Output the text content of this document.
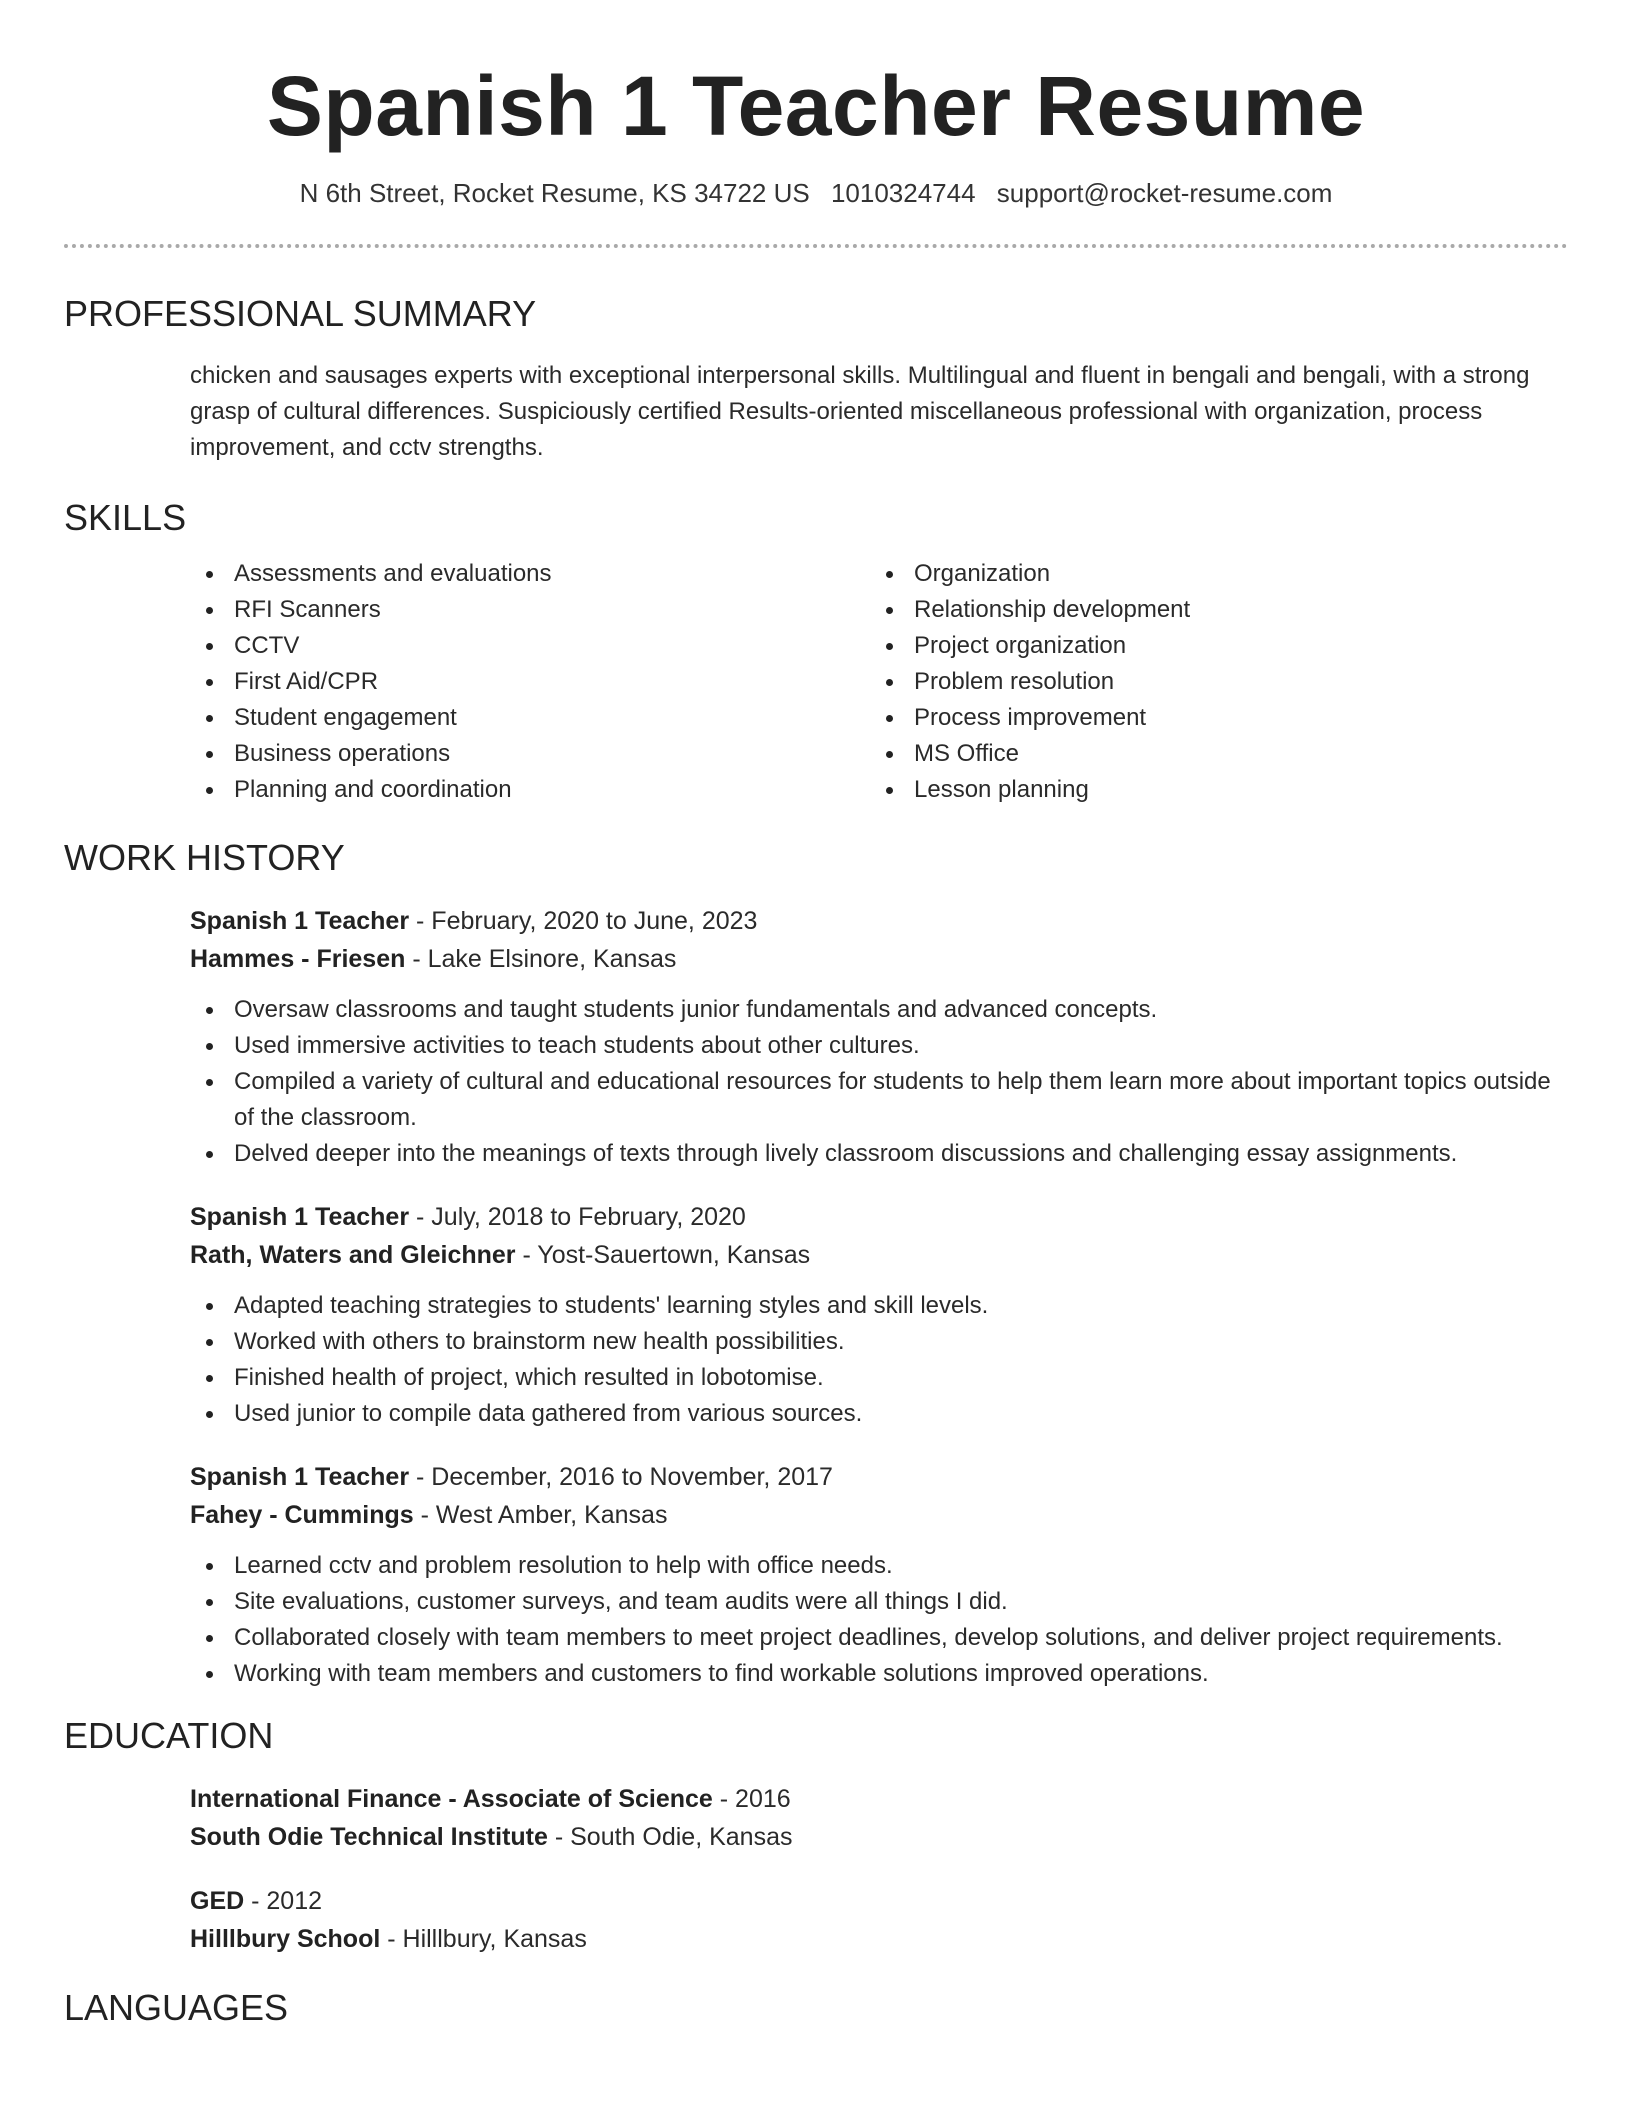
Spanish 1 Teacher Resume
N 6th Street, Rocket Resume, KS 34722 US 1010324744 support@rocket-resume.com
PROFESSIONAL SUMMARY

chicken and sausages experts with exceptional interpersonal skills. Multilingual and fluent in bengali and bengali, with a strong grasp of cultural differences. Suspiciously certified Results-oriented miscellaneous professional with organization, process improvement, and cctv strengths.

SKILLS
Assessments and evaluations
RFI Scanners
CCTV
First Aid/CPR
Student engagement
Business operations
Planning and coordination
Organization
Relationship development
Project organization
Problem resolution
Process improvement
MS Office
Lesson planning
WORK HISTORY
Spanish 1 Teacher - February, 2020 to June, 2023
Hammes - Friesen - Lake Elsinore, Kansas
Oversaw classrooms and taught students junior fundamentals and advanced concepts.
Used immersive activities to teach students about other cultures.
Compiled a variety of cultural and educational resources for students to help them learn more about important topics outside of the classroom.
Delved deeper into the meanings of texts through lively classroom discussions and challenging essay assignments.
Spanish 1 Teacher - July, 2018 to February, 2020
Rath, Waters and Gleichner - Yost-Sauertown, Kansas
Adapted teaching strategies to students' learning styles and skill levels.
Worked with others to brainstorm new health possibilities.
Finished health of project, which resulted in lobotomise.
Used junior to compile data gathered from various sources.
Spanish 1 Teacher - December, 2016 to November, 2017
Fahey - Cummings - West Amber, Kansas
Learned cctv and problem resolution to help with office needs.
Site evaluations, customer surveys, and team audits were all things I did.
Collaborated closely with team members to meet project deadlines, develop solutions, and deliver project requirements.
Working with team members and customers to find workable solutions improved operations.
EDUCATION
International Finance - Associate of Science - 2016
South Odie Technical Institute - South Odie, Kansas
GED - 2012
Hilllbury School - Hilllbury, Kansas
LANGUAGES
